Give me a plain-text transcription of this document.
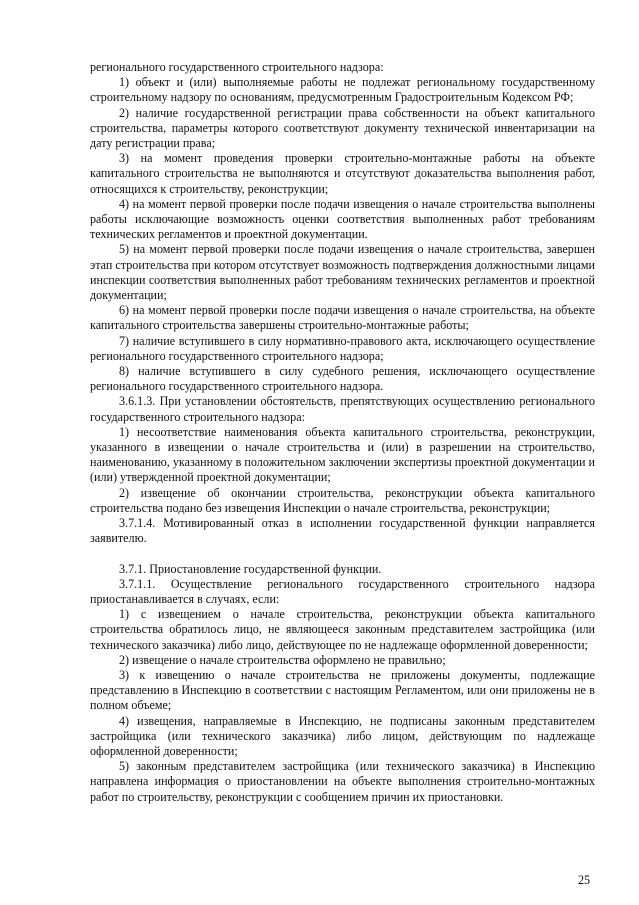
регионального государственного строительного надзора:

1) объект и (или) выполняемые работы не подлежат региональному государственному строительному надзору по основаниям, предусмотренным Градостроительным Кодексом РФ;

2) наличие государственной регистрации права собственности на объект капитального строительства, параметры которого соответствуют документу технической инвентаризации на дату регистрации права;

3) на момент проведения проверки строительно-монтажные работы на объекте капитального строительства не выполняются и отсутствуют доказательства выполнения работ, относящихся к строительству, реконструкции;

4) на момент первой проверки после подачи извещения о начале строительства выполнены работы исключающие возможность оценки соответствия выполненных работ требованиям технических регламентов и проектной документации.

5) на момент первой проверки после подачи извещения о начале строительства, завершен этап строительства при котором отсутствует возможность подтверждения должностными лицами инспекции соответствия выполненных работ требованиям технических регламентов и проектной документации;

6) на момент первой проверки после подачи извещения о начале строительства, на объекте капитального строительства завершены строительно-монтажные работы;

7) наличие вступившего в силу нормативно-правового акта, исключающего осуществление регионального государственного строительного надзора;

8) наличие вступившего в силу судебного решения, исключающего осуществление регионального государственного строительного надзора.

3.6.1.3. При установлении обстоятельств, препятствующих осуществлению регионального государственного строительного надзора:

1) несоответствие наименования объекта капитального строительства, реконструкции, указанного в извещении о начале строительства и (или) в разрешении на строительство, наименованию, указанному в положительном заключении экспертизы проектной документации и (или) утвержденной проектной документации;

2) извещение об окончании строительства, реконструкции объекта капитального строительства подано без извещения Инспекции о начале строительства, реконструкции;

3.7.1.4. Мотивированный отказ в исполнении государственной функции направляется заявителю.

3.7.1. Приостановление государственной функции.

3.7.1.1. Осуществление регионального государственного строительного надзора приостанавливается в случаях, если:

1) с извещением о начале строительства, реконструкции объекта капитального строительства обратилось лицо, не являющееся законным представителем застройщика (или технического заказчика) либо лицо, действующее по не надлежаще оформленной доверенности;

2) извещение о начале строительства оформлено не правильно;

3) к извещению о начале строительства не приложены документы, подлежащие представлению в Инспекцию в соответствии с настоящим Регламентом, или они приложены не в полном объеме;

4) извещения, направляемые в Инспекцию, не подписаны законным представителем застройщика (или технического заказчика) либо лицом, действующим по надлежаще оформленной доверенности;

5) законным представителем застройщика (или технического заказчика) в Инспекцию направлена информация о приостановлении на объекте выполнения строительно-монтажных работ по строительству, реконструкции с сообщением причин их приостановки.

25
